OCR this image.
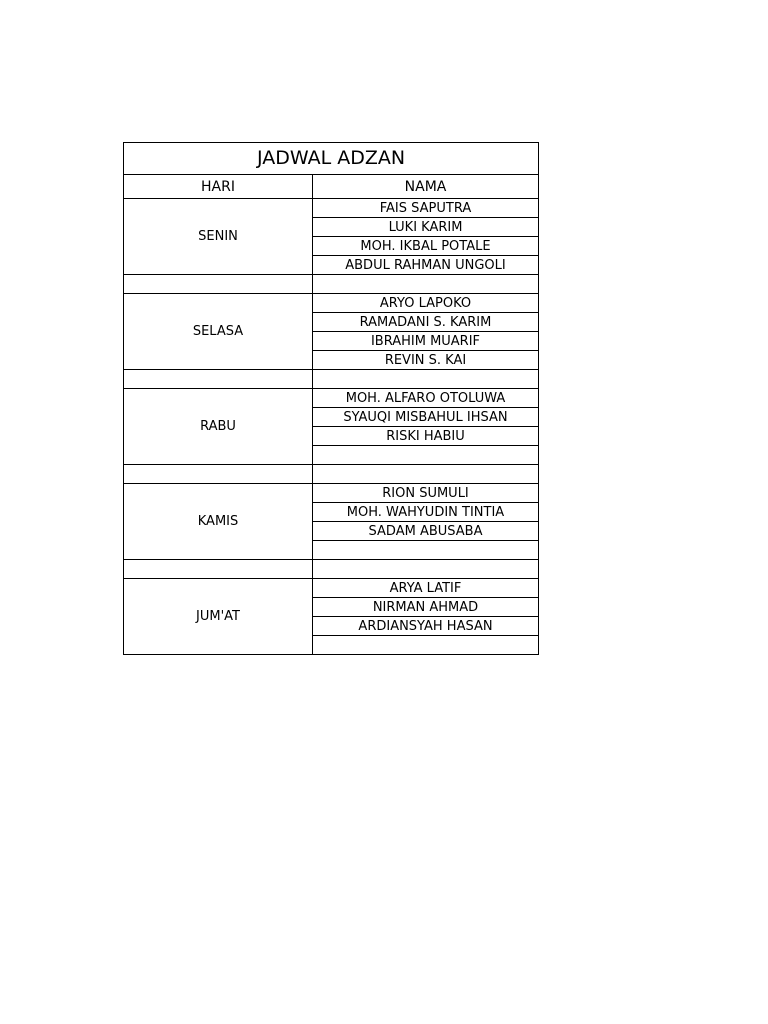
JADWAL ADZAN	
HARI	NAMA
SENIN	FAIS SAPUTRA
	LUKI KARIM
	MOH. IKBAL POTALE
	ABDUL RAHMAN UNGOLI

SELASA	ARYO LAPOKO
	RAMADANI S. KARIM
	IBRAHIM MUARIF
	REVIN S. KAI

RABU	MOH. ALFARO OTOLUWA
	SYAUQI MISBAHUL IHSAN
	RISKI HABIU

KAMIS	RION SUMULI
	MOH. WAHYUDIN TINTIA
	SADAM ABUSABA

JUM'AT	ARYA LATIF
	NIRMAN AHMAD
	ARDIANSYAH HASAN
